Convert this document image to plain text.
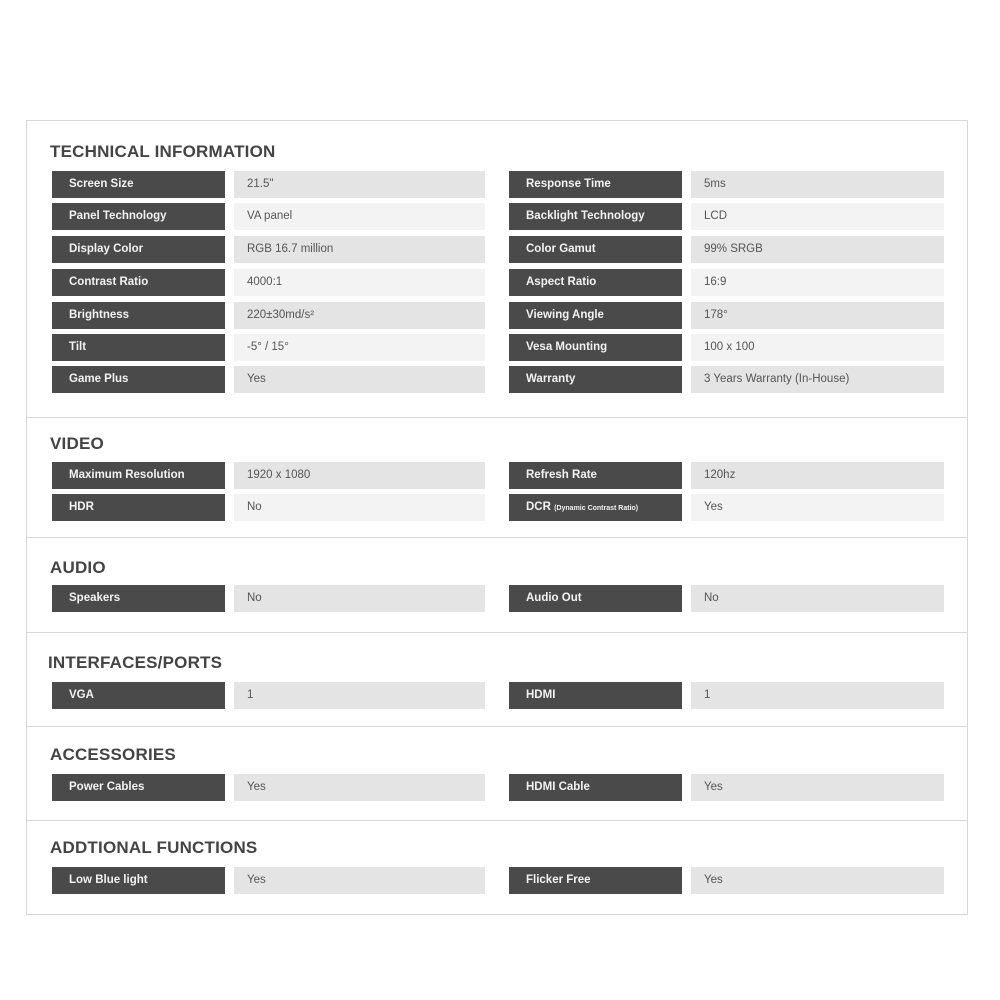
TECHNICAL INFORMATION
Screen Size	21.5"	Response Time	5ms
Panel Technology	VA panel	Backlight Technology	LCD
Display Color	RGB 16.7 million	Color Gamut	99% SRGB
Contrast Ratio	4000:1	Aspect Ratio	16:9
Brightness	220±30md/s²	Viewing Angle	178°
Tilt	-5° / 15°	Vesa Mounting	100 x 100
Game Plus	Yes	Warranty	3 Years Warranty (In-House)
VIDEO
Maximum Resolution	1920 x 1080	Refresh Rate	120hz
HDR	No	DCR (Dynamic Contrast Ratio)	Yes
AUDIO
Speakers	No	Audio Out	No
INTERFACES/PORTS
VGA	1	HDMI	1
ACCESSORIES
Power Cables	Yes	HDMI Cable	Yes
ADDTIONAL FUNCTIONS
Low Blue light	Yes	Flicker Free	Yes
